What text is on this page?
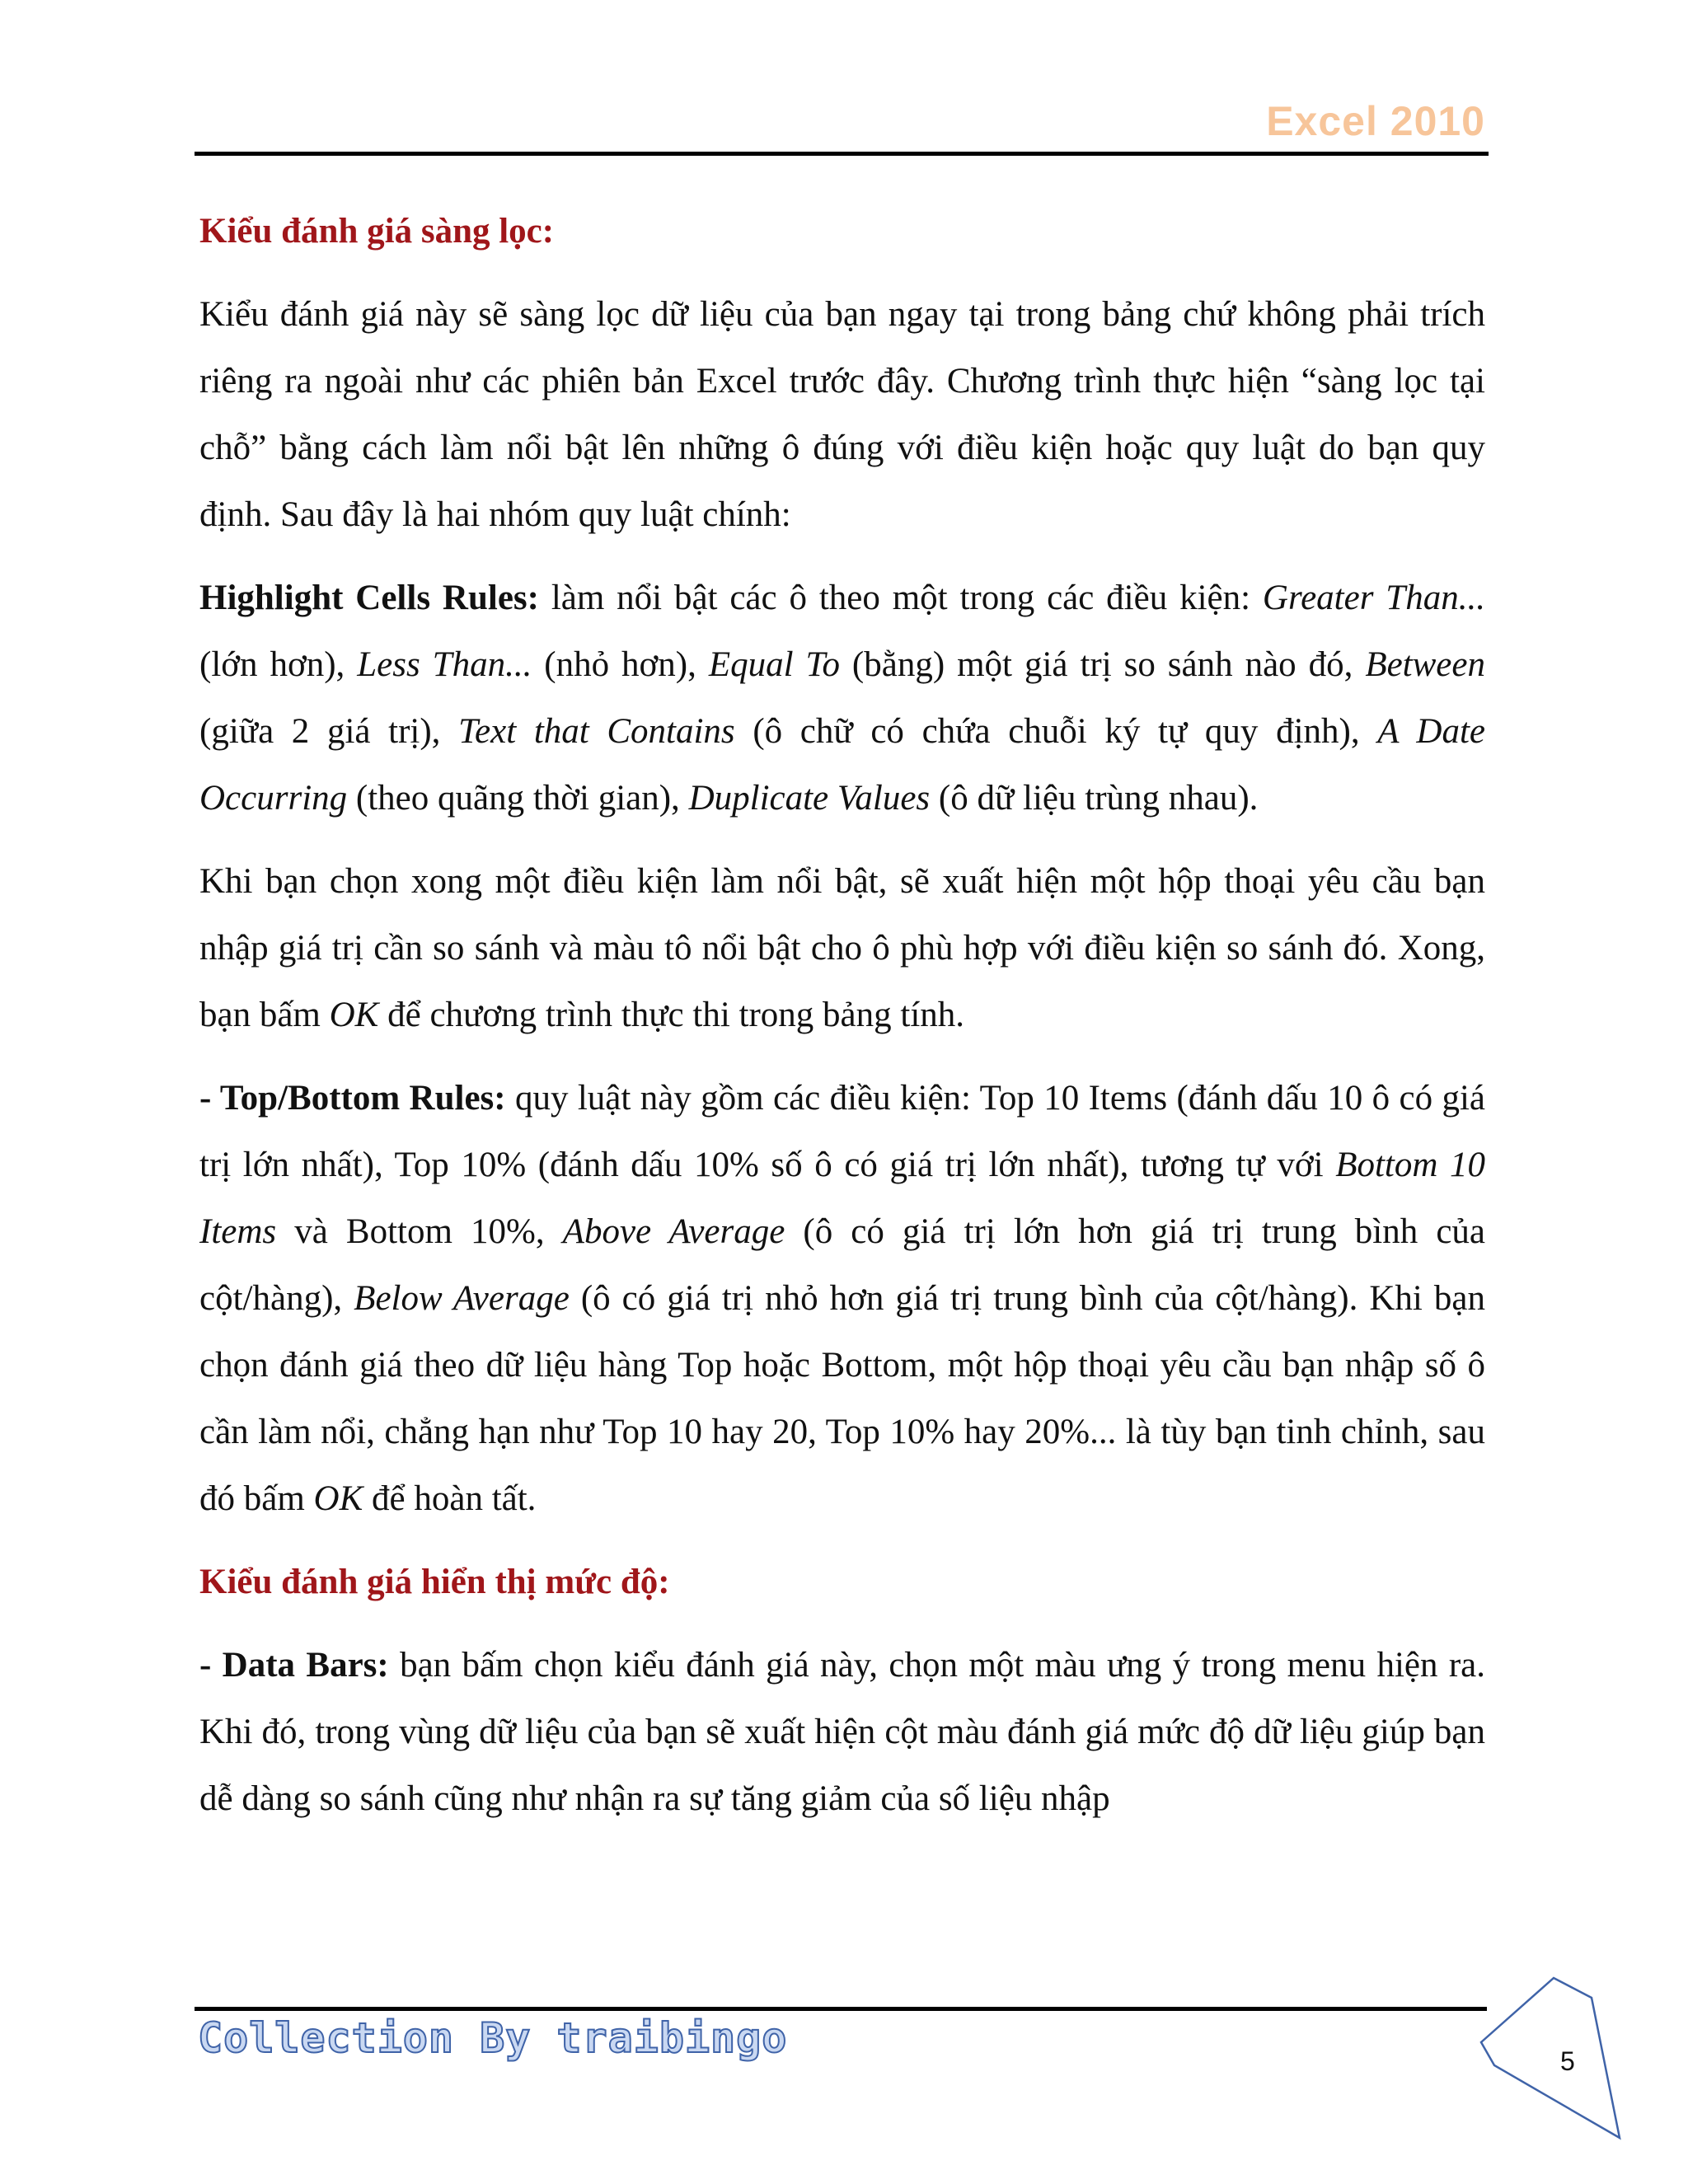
Excel 2010

Kiểu đánh giá sàng lọc:

Kiểu đánh giá này sẽ sàng lọc dữ liệu của bạn ngay tại trong bảng chứ không phải trích riêng ra ngoài như các phiên bản Excel trước đây. Chương trình thực hiện “sàng lọc tại chỗ” bằng cách làm nổi bật lên những ô đúng với điều kiện hoặc quy luật do bạn quy định. Sau đây là hai nhóm quy luật chính:

Highlight Cells Rules: làm nổi bật các ô theo một trong các điều kiện: Greater Than... (lớn hơn), Less Than... (nhỏ hơn), Equal To (bằng) một giá trị so sánh nào đó, Between (giữa 2 giá trị), Text that Contains (ô chữ có chứa chuỗi ký tự quy định), A Date Occurring (theo quãng thời gian), Duplicate Values (ô dữ liệu trùng nhau).

Khi bạn chọn xong một điều kiện làm nổi bật, sẽ xuất hiện một hộp thoại yêu cầu bạn nhập giá trị cần so sánh và màu tô nổi bật cho ô phù hợp với điều kiện so sánh đó. Xong, bạn bấm OK để chương trình thực thi trong bảng tính.

- Top/Bottom Rules: quy luật này gồm các điều kiện: Top 10 Items (đánh dấu 10 ô có giá trị lớn nhất), Top 10% (đánh dấu 10% số ô có giá trị lớn nhất), tương tự với Bottom 10 Items và Bottom 10%, Above Average (ô có giá trị lớn hơn giá trị trung bình của cột/hàng), Below Average (ô có giá trị nhỏ hơn giá trị trung bình của cột/hàng). Khi bạn chọn đánh giá theo dữ liệu hàng Top hoặc Bottom, một hộp thoại yêu cầu bạn nhập số ô cần làm nổi, chẳng hạn như Top 10 hay 20, Top 10% hay 20%... là tùy bạn tinh chỉnh, sau đó bấm OK để hoàn tất.

Kiểu đánh giá hiển thị mức độ:

- Data Bars: bạn bấm chọn kiểu đánh giá này, chọn một màu ưng ý trong menu hiện ra. Khi đó, trong vùng dữ liệu của bạn sẽ xuất hiện cột màu đánh giá mức độ dữ liệu giúp bạn dễ dàng so sánh cũng như nhận ra sự tăng giảm của số liệu nhập

Collection By traibingo	5
